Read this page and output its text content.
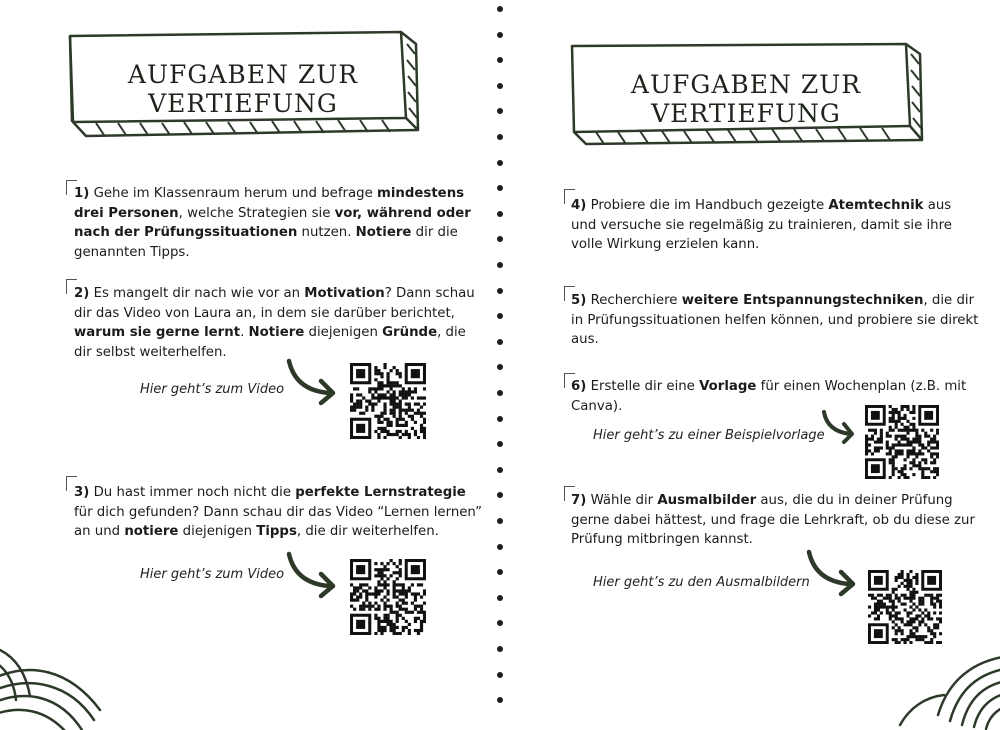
AUFGABEN ZUR VERTIEFUNG
1) Gehe im Klassenraum herum und befrage mindestens drei Personen, welche Strategien sie vor, während oder nach der Prüfungssituationen nutzen. Notiere dir die genannten Tipps.
2) Es mangelt dir nach wie vor an Motivation? Dann schau dir das Video von Laura an, in dem sie darüber berichtet, warum sie gerne lernt. Notiere diejenigen Gründe, die dir selbst weiterhelfen.
Hier geht’s zum Video
3) Du hast immer noch nicht die perfekte Lernstrategie für dich gefunden? Dann schau dir das Video “Lernen lernen” an und notiere diejenigen Tipps, die dir weiterhelfen.
Hier geht’s zum Video
AUFGABEN ZUR VERTIEFUNG
4) Probiere die im Handbuch gezeigte Atemtechnik aus und versuche sie regelmäßig zu trainieren, damit sie ihre volle Wirkung erzielen kann.
5) Recherchiere weitere Entspannungstechniken, die dir in Prüfungssituationen helfen können, und probiere sie direkt aus.
6) Erstelle dir eine Vorlage für einen Wochenplan (z.B. mit Canva).
Hier geht’s zu einer Beispielvorlage
7) Wähle dir Ausmalbilder aus, die du in deiner Prüfung gerne dabei hättest, und frage die Lehrkraft, ob du diese zur Prüfung mitbringen kannst.
Hier geht’s zu den Ausmalbildern
